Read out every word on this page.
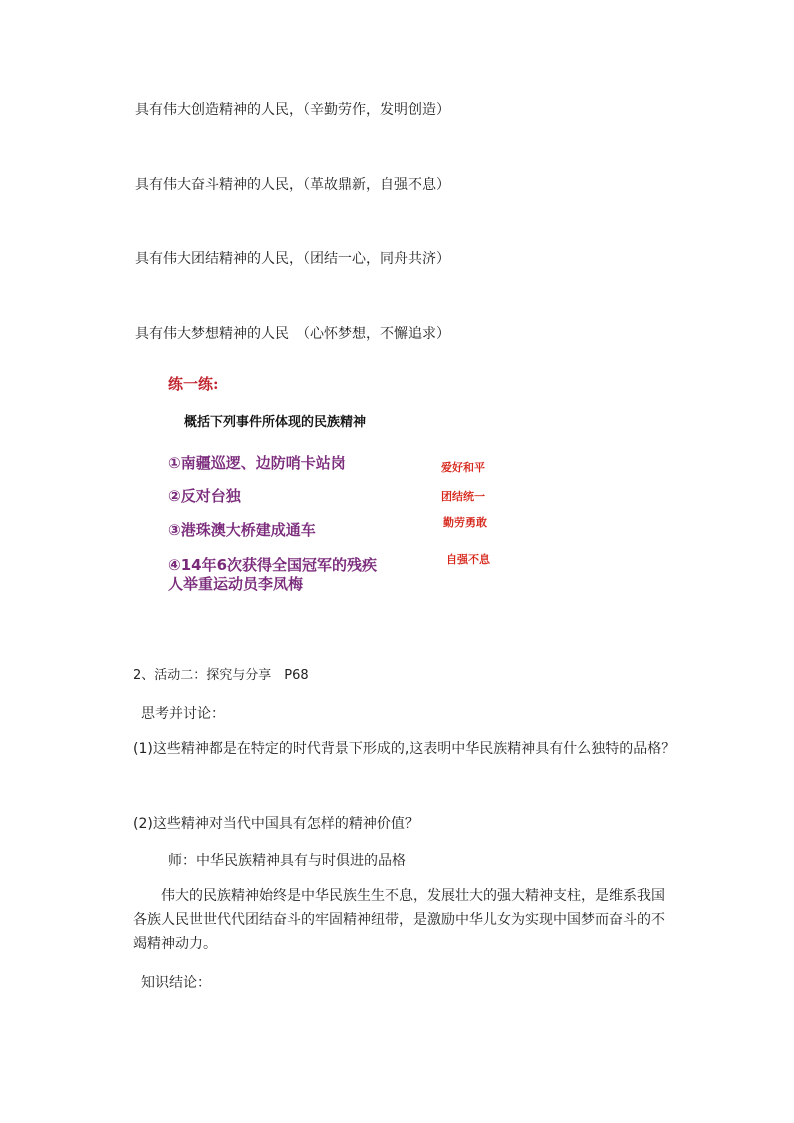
具有伟大创造精神的人民，（辛勤劳作，发明创造）
具有伟大奋斗精神的人民，（革故鼎新，自强不息）
具有伟大团结精神的人民，（团结一心，同舟共济）
具有伟大梦想精神的人民　（心怀梦想，不懈追求）
练一练:
概括下列事件所体现的民族精神
①南疆巡逻、边防哨卡站岗
②反对台独
③港珠澳大桥建成通车
④14年6次获得全国冠军的残疾
人举重运动员李凤梅
爱好和平
团结统一
勤劳勇敢
自强不息
2、活动二：探究与分享　P68
思考并讨论：
(1)这些精神都是在特定的时代背景下形成的,这表明中华民族精神具有什么独特的品格？
(2)这些精神对当代中国具有怎样的精神价值？
师：中华民族精神具有与时俱进的品格
伟大的民族精神始终是中华民族生生不息，发展壮大的强大精神支柱，是维系我国各族人民世世代代团结奋斗的牢固精神纽带，是激励中华儿女为实现中国梦而奋斗的不竭精神动力。
知识结论：
